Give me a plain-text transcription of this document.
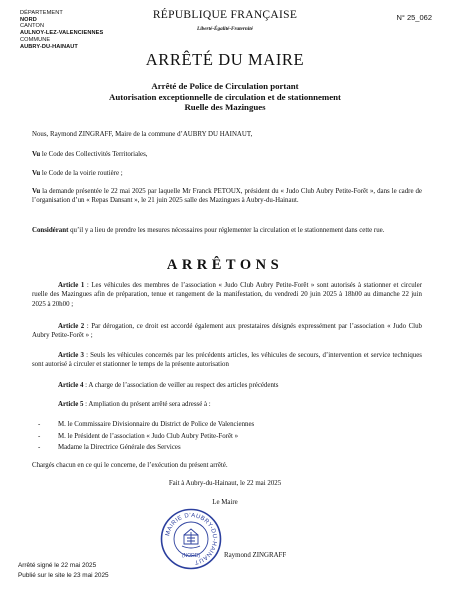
DÉPARTEMENT
NORD
CANTON
AULNOY-LEZ-VALENCIENNES
COMMUNE
AUBRY-DU-HAINAUT
RÉPUBLIQUE FRANÇAISE
Liberté-Égalité-Fraternité
N° 25_062
ARRÊTÉ DU MAIRE
Arrêté de Police de Circulation portant
Autorisation exceptionnelle de circulation et de stationnement
Ruelle des Mazingues
Nous, Raymond ZINGRAFF, Maire de la commune d’AUBRY DU HAINAUT,
Vu le Code des Collectivités Territoriales,
Vu le Code de la voirie routière ;
Vu la demande présentée le 22 mai 2025 par laquelle Mr Franck PETOUX, président du « Judo Club Aubry Petite-Forêt », dans le cadre de l’organisation d’un « Repas Dansant », le 21 juin 2025 salle des Mazingues à Aubry-du-Hainaut.
Considérant qu’il y a lieu de prendre les mesures nécessaires pour réglementer la circulation et le stationnement dans cette rue.
ARRÊTONS
Article 1 : Les véhicules des membres de l’association « Judo Club Aubry Petite-Forêt » sont autorisés à stationner et circuler ruelle des Mazingues afin de préparation, tenue et rangement de la manifestation, du vendredi 20 juin 2025 à 18h00 au dimanche 22 juin 2025 à 20h00 ;
Article 2 : Par dérogation, ce droit est accordé également aux prestataires désignés expressément par l’association « Judo Club Aubry Petite-Forêt » ;
Article 3 : Seuls les véhicules concernés par les précédents articles, les véhicules de secours, d’intervention et service techniques sont autorisé à circuler et stationner le temps de la présente autorisation
Article 4 : A charge de l’association de veiller au respect des articles précédents
Article 5 : Ampliation du présent arrêté sera adressé à :
-	M. le Commissaire Divisionnaire du District de Police de Valenciennes
-	M. le Président de l’association « Judo Club Aubry Petite-Forêt »
-	Madame la Directrice Générale des Services
Chargés chacun en ce qui le concerne, de l’exécution du présent arrêté.
Fait à Aubry-du-Hainaut, le 22 mai 2025
Le Maire
MAIRIE D’AUBRY-DU-HAINAUT
(NORD)	Raymond ZINGRAFF
Arrêté signé le 22 mai 2025
Publié sur le site le 23 mai 2025
